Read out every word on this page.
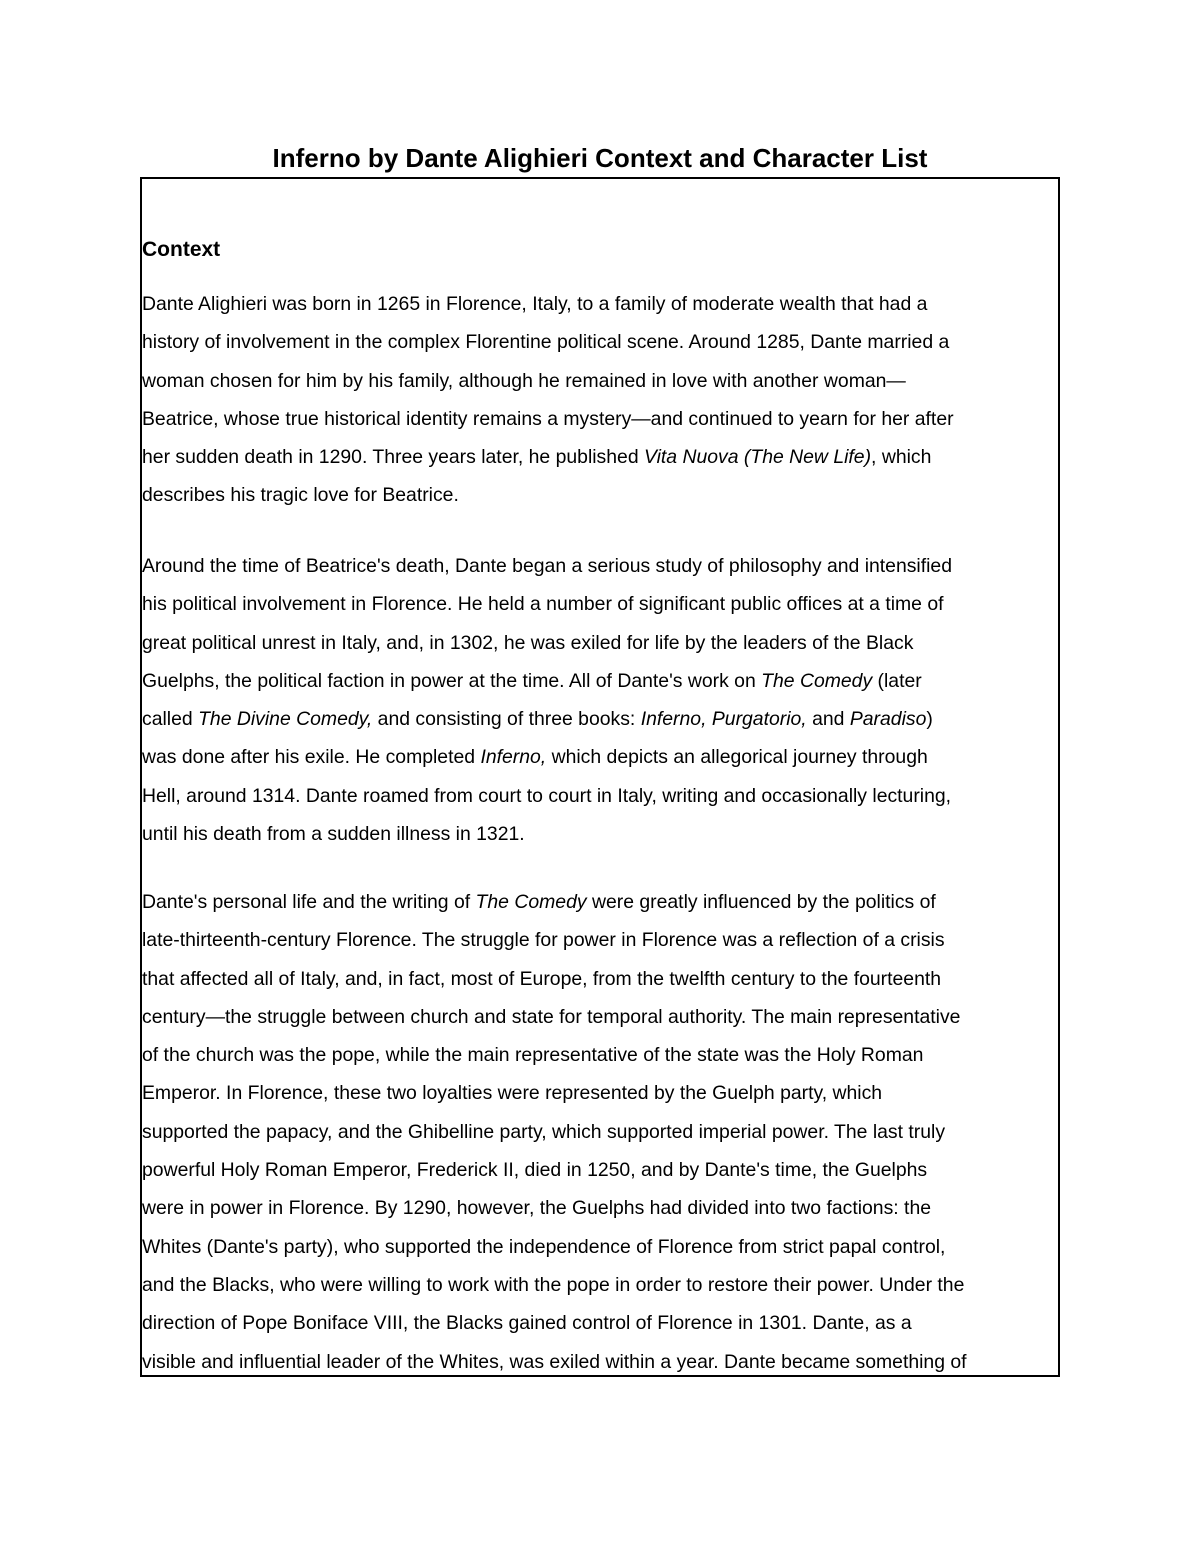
Inferno by Dante Alighieri Context and Character List
Context
Dante Alighieri was born in 1265 in Florence, Italy, to a family of moderate wealth that had a
history of involvement in the complex Florentine political scene. Around 1285, Dante married a
woman chosen for him by his family, although he remained in love with another woman—
Beatrice, whose true historical identity remains a mystery—and continued to yearn for her after
her sudden death in 1290. Three years later, he published Vita Nuova (The New Life), which
describes his tragic love for Beatrice.
Around the time of Beatrice's death, Dante began a serious study of philosophy and intensified
his political involvement in Florence. He held a number of significant public offices at a time of
great political unrest in Italy, and, in 1302, he was exiled for life by the leaders of the Black
Guelphs, the political faction in power at the time. All of Dante's work on The Comedy (later
called The Divine Comedy, and consisting of three books: Inferno, Purgatorio, and Paradiso)
was done after his exile. He completed Inferno, which depicts an allegorical journey through
Hell, around 1314. Dante roamed from court to court in Italy, writing and occasionally lecturing,
until his death from a sudden illness in 1321.
Dante's personal life and the writing of The Comedy were greatly influenced by the politics of
late-thirteenth-century Florence. The struggle for power in Florence was a reflection of a crisis
that affected all of Italy, and, in fact, most of Europe, from the twelfth century to the fourteenth
century—the struggle between church and state for temporal authority. The main representative
of the church was the pope, while the main representative of the state was the Holy Roman
Emperor. In Florence, these two loyalties were represented by the Guelph party, which
supported the papacy, and the Ghibelline party, which supported imperial power. The last truly
powerful Holy Roman Emperor, Frederick II, died in 1250, and by Dante's time, the Guelphs
were in power in Florence. By 1290, however, the Guelphs had divided into two factions: the
Whites (Dante's party), who supported the independence of Florence from strict papal control,
and the Blacks, who were willing to work with the pope in order to restore their power. Under the
direction of Pope Boniface VIII, the Blacks gained control of Florence in 1301. Dante, as a
visible and influential leader of the Whites, was exiled within a year. Dante became something of
